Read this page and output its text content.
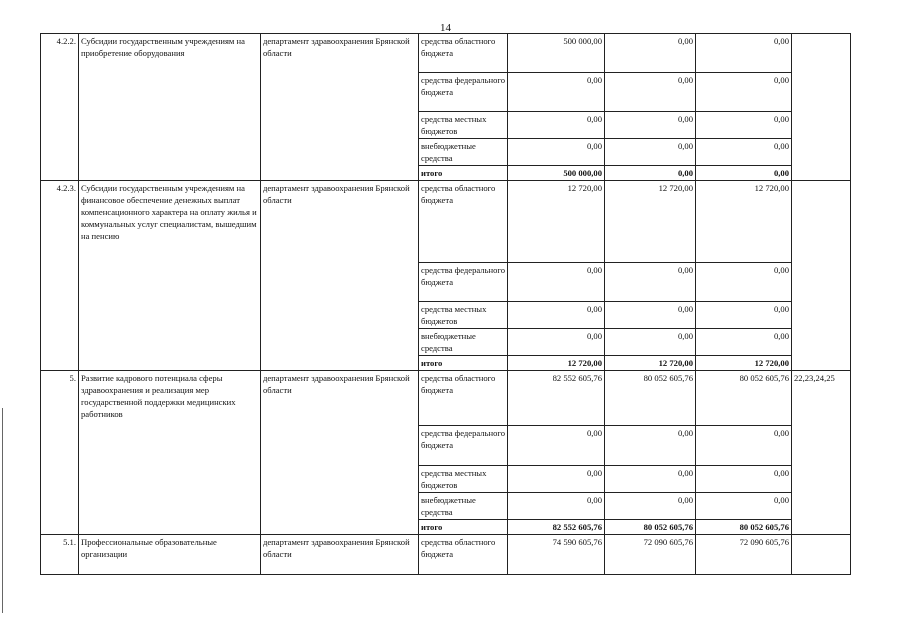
14
4.2.2.	Субсидии государственным учреждениям на приобретение оборудования	департамент здравоохранения Брянской области	средства областного бюджета	500 000,00	0,00	0,00	
			средства федерального бюджета	0,00	0,00	0,00	
			средства местных бюджетов	0,00	0,00	0,00	
			внебюджетные средства	0,00	0,00	0,00	
			итого	500 000,00	0,00	0,00	
4.2.3.	Субсидии государственным учреждениям на финансовое обеспечение денежных выплат компенсационного характера на оплату жилья и коммунальных услуг специалистам, вышедшим на пенсию	департамент здравоохранения Брянской области	средства областного бюджета	12 720,00	12 720,00	12 720,00	
			средства федерального бюджета	0,00	0,00	0,00	
			средства местных бюджетов	0,00	0,00	0,00	
			внебюджетные средства	0,00	0,00	0,00	
			итого	12 720,00	12 720,00	12 720,00	
5.	Развитие кадрового потенциала сферы здравоохранения и реализация мер государственной поддержки медицинских работников	департамент здравоохранения Брянской области	средства областного бюджета	82 552 605,76	80 052 605,76	80 052 605,76	22,23,24,25
			средства федерального бюджета	0,00	0,00	0,00	
			средства местных бюджетов	0,00	0,00	0,00	
			внебюджетные средства	0,00	0,00	0,00	
			итого	82 552 605,76	80 052 605,76	80 052 605,76	
5.1.	Профессиональные образовательные организации	департамент здравоохранения Брянской области	средства областного бюджета	74 590 605,76	72 090 605,76	72 090 605,76	
